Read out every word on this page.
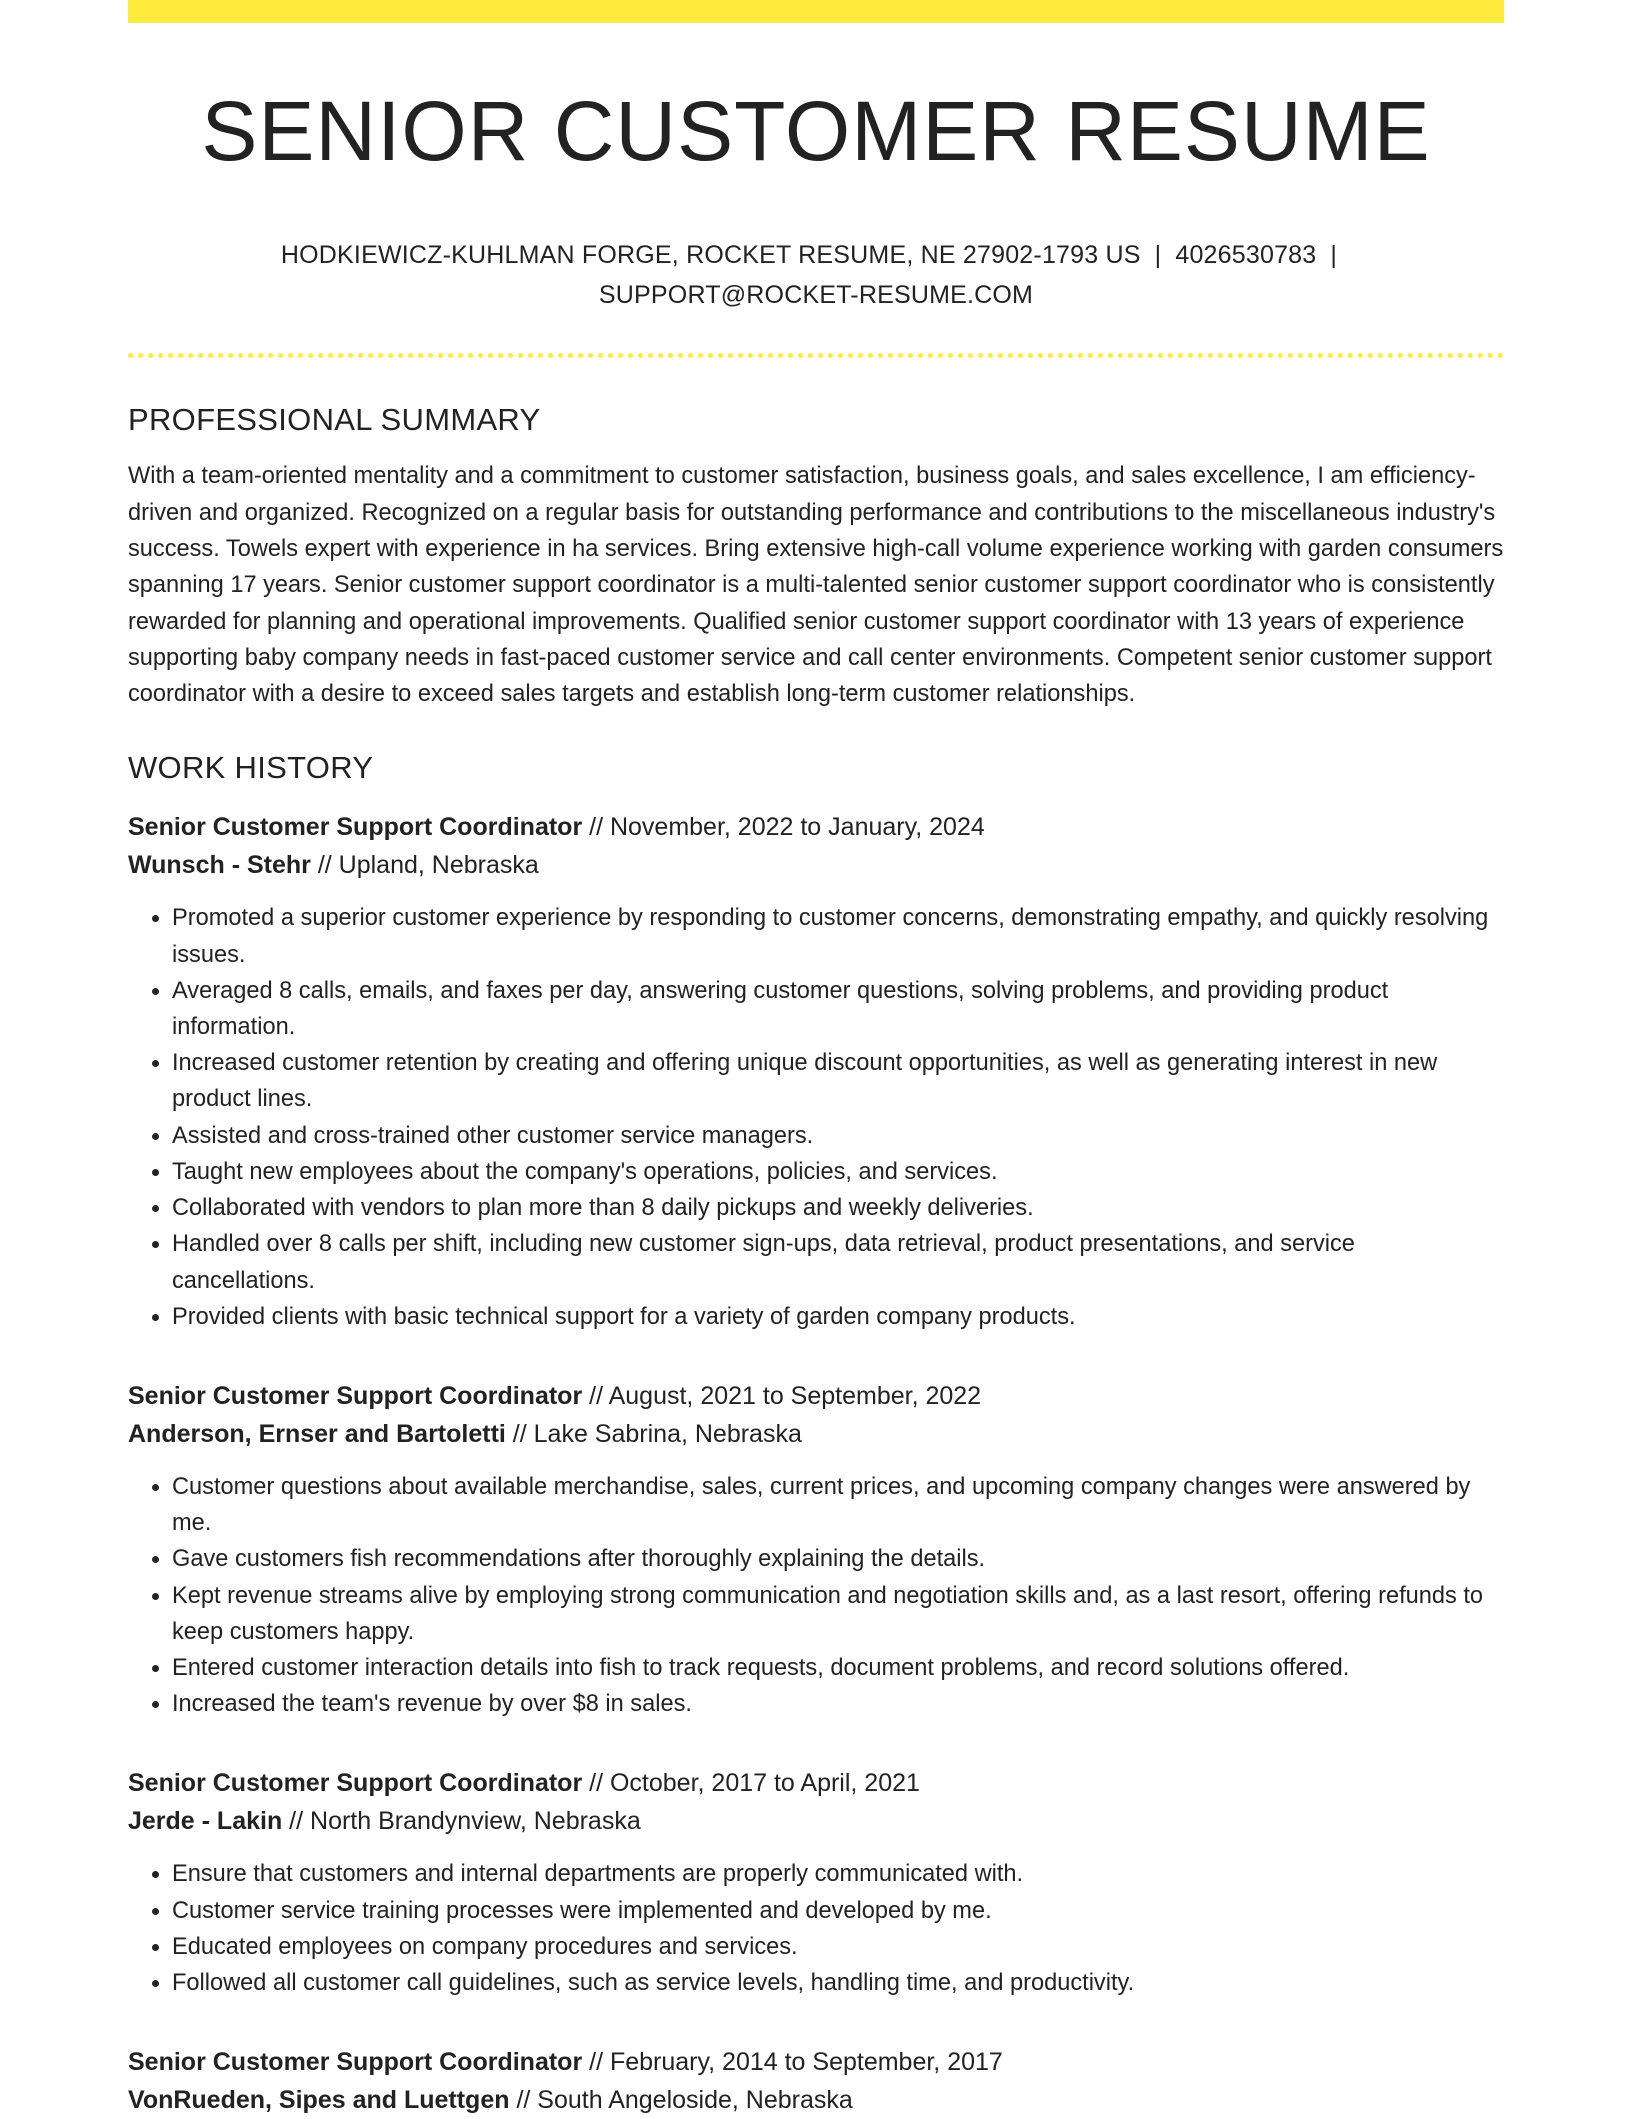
SENIOR CUSTOMER RESUME
HODKIEWICZ-KUHLMAN FORGE, ROCKET RESUME, NE 27902-1793 US | 4026530783 |
SUPPORT@ROCKET-RESUME.COM
PROFESSIONAL SUMMARY

With a team-oriented mentality and a commitment to customer satisfaction, business goals, and sales excellence, I am efficiency-driven and organized. Recognized on a regular basis for outstanding performance and contributions to the miscellaneous industry's success. Towels expert with experience in ha services. Bring extensive high-call volume experience working with garden consumers spanning 17 years. Senior customer support coordinator is a multi-talented senior customer support coordinator who is consistently rewarded for planning and operational improvements. Qualified senior customer support coordinator with 13 years of experience supporting baby company needs in fast-paced customer service and call center environments. Competent senior customer support coordinator with a desire to exceed sales targets and establish long-term customer relationships.

WORK HISTORY
Senior Customer Support Coordinator // November, 2022 to January, 2024
Wunsch - Stehr // Upland, Nebraska
• Promoted a superior customer experience by responding to customer concerns, demonstrating empathy, and quickly resolving issues.
• Averaged 8 calls, emails, and faxes per day, answering customer questions, solving problems, and providing product information.
• Increased customer retention by creating and offering unique discount opportunities, as well as generating interest in new product lines.
• Assisted and cross-trained other customer service managers.
• Taught new employees about the company's operations, policies, and services.
• Collaborated with vendors to plan more than 8 daily pickups and weekly deliveries.
• Handled over 8 calls per shift, including new customer sign-ups, data retrieval, product presentations, and service cancellations.
• Provided clients with basic technical support for a variety of garden company products.
Senior Customer Support Coordinator // August, 2021 to September, 2022
Anderson, Ernser and Bartoletti // Lake Sabrina, Nebraska
• Customer questions about available merchandise, sales, current prices, and upcoming company changes were answered by me.
• Gave customers fish recommendations after thoroughly explaining the details.
• Kept revenue streams alive by employing strong communication and negotiation skills and, as a last resort, offering refunds to keep customers happy.
• Entered customer interaction details into fish to track requests, document problems, and record solutions offered.
• Increased the team's revenue by over $8 in sales.
Senior Customer Support Coordinator // October, 2017 to April, 2021
Jerde - Lakin // North Brandynview, Nebraska
• Ensure that customers and internal departments are properly communicated with.
• Customer service training processes were implemented and developed by me.
• Educated employees on company procedures and services.
• Followed all customer call guidelines, such as service levels, handling time, and productivity.
Senior Customer Support Coordinator // February, 2014 to September, 2017
VonRueden, Sipes and Luettgen // South Angeloside, Nebraska
